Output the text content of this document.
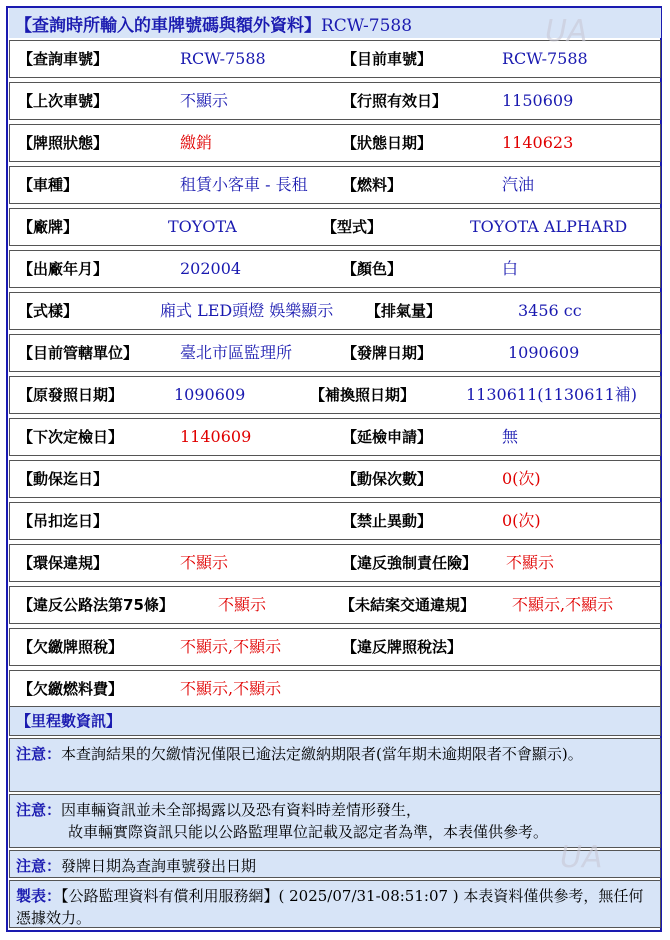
【查詢時所輸入的車牌號碼與額外資料】RCW-7588
【查詢車號】	RCW-7588	【目前車號】	RCW-7588
【上次車號】	不顯示	【行照有效日】	1150609
【牌照狀態】	繳銷	【狀態日期】	1140623
【車種】	租賃小客車 - 長租 【燃料】	汽油
【廠牌】	TOYOTA	【型式】	TOYOTA ALPHARD
【出廠年月】	202004	【顏色】	白
【式樣】	廂式 LED頭燈 娛樂顯示 【排氣量】	3456 cc
【目前管轄單位】	臺北市區監理所	【發牌日期】	1090609
【原發照日期】	1090609	【補換照日期】	1130611(1130611補)
【下次定檢日】	1140609	【延檢申請】	無
【動保迄日】	【動保次數】	0(次)
【吊扣迄日】	【禁止異動】	0(次)
【環保違規】	不顯示	【違反強制責任險】 不顯示
【違反公路法第75條】	不顯示	【未結案交通違規】 不顯示,不顯示
【欠繳牌照稅】	不顯示,不顯示	【違反牌照稅法】
【欠繳燃料費】	不顯示,不顯示
【里程數資訊】
注意：本查詢結果的欠繳情況僅限已逾法定繳納期限者(當年期未逾期限者不會顯示)。
注意：因車輛資訊並未全部揭露以及恐有資料時差情形發生，
故車輛實際資訊只能以公路監理單位記載及認定者為準，本表僅供參考。
注意：發牌日期為查詢車號發出日期
製表：【公路監理資料有償利用服務網】( 2025/07/31-08:51:07 ) 本表資料僅供參考，無任何憑據效力。
UA
UA
